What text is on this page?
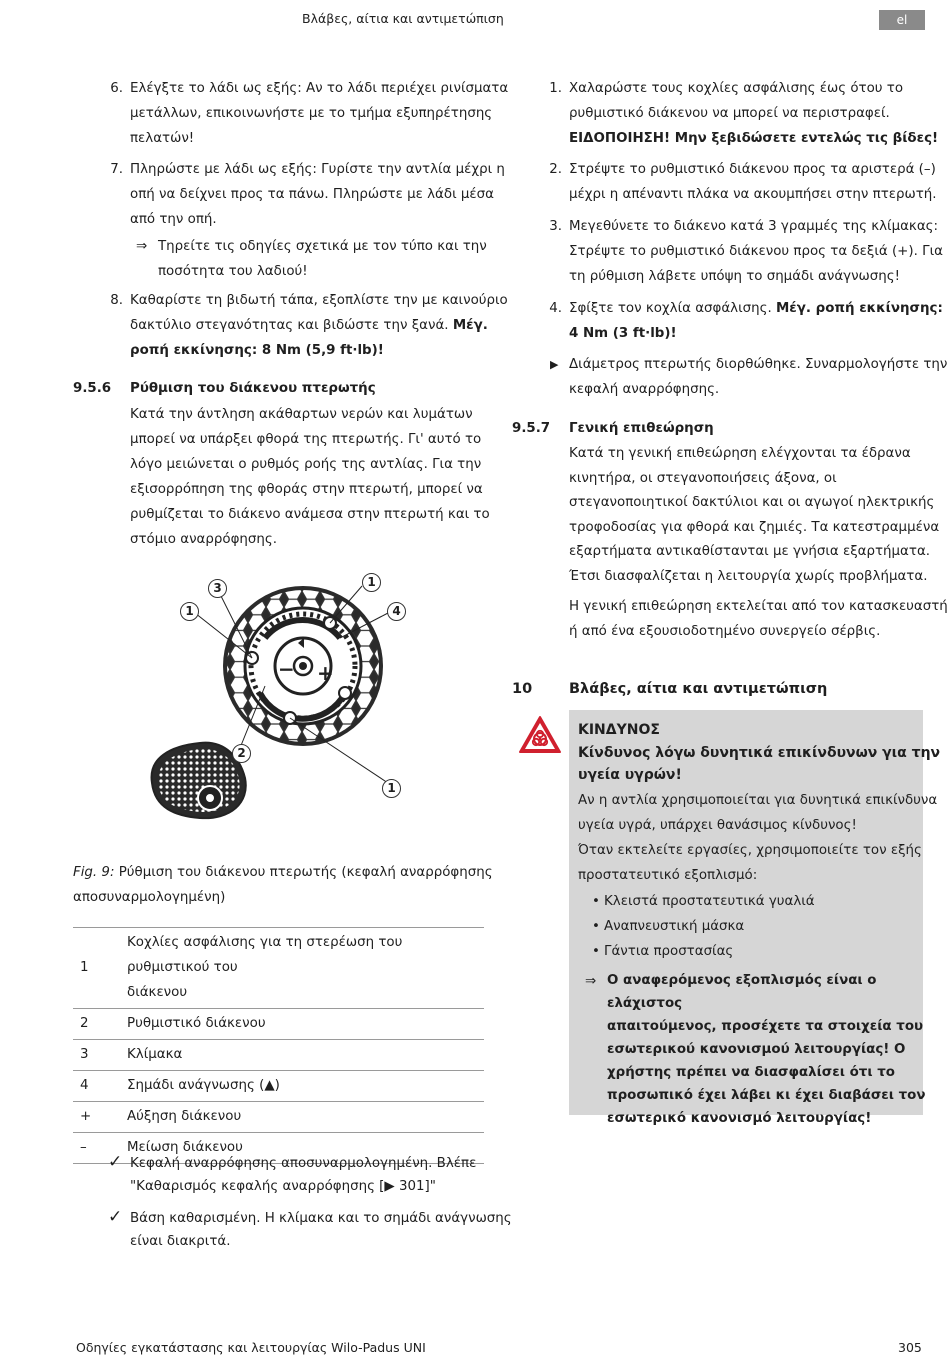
Βλάβες, αίτια και αντιμετώπιση	el
6. Ελέγξτε το λάδι ως εξής: Αν το λάδι περιέχει ρινίσματα
μετάλλων, επικοινωνήστε με το τμήμα εξυπηρέτησης
πελατών!
7. Πληρώστε με λάδι ως εξής: Γυρίστε την αντλία μέχρι η
οπή να δείχνει προς τα πάνω. Πληρώστε με λάδι μέσα
από την οπή.
⇒ Τηρείτε τις οδηγίες σχετικά με τον τύπο και την
ποσότητα του λαδιού!
8. Καθαρίστε τη βιδωτή τάπα, εξοπλίστε την με καινούριο
δακτύλιο στεγανότητας και βιδώστε την ξανά. Μέγ.
ροπή εκκίνησης: 8 Nm (5,9 ft·lb)!
9.5.6 Ρύθμιση του διάκενου πτερωτής
Κατά την άντληση ακάθαρτων νερών και λυμάτων
μπορεί να υπάρξει φθορά της πτερωτής. Γι' αυτό το
λόγο μειώνεται ο ρυθμός ροής της αντλίας. Για την
εξισορρόπηση της φθοράς στην πτερωτή, μπορεί να
ρυθμίζεται το διάκενο ανάμεσα στην πτερωτή και το
στόμιο αναρρόφησης.
− +
3
1
1
4
2
1
Fig. 9: Ρύθμιση του διάκενου πτερωτής (κεφαλή αναρρόφησης
αποσυναρμολογημένη)
1	Κοχλίες ασφάλισης για τη στερέωση του ρυθμιστικού του
διάκενου

2	Ρυθμιστικό διάκενου
3	Κλίμακα
4	Σημάδι ανάγνωσης (▲)
+	Αύξηση διάκενου
–	Μείωση διάκενου
✓ Κεφαλή αναρρόφησης αποσυναρμολογημένη. Βλέπε
"Καθαρισμός κεφαλής αναρρόφησης [▶ 301]"
✓ Βάση καθαρισμένη. Η κλίμακα και το σημάδι ανάγνωσης
είναι διακριτά.
1. Χαλαρώστε τους κοχλίες ασφάλισης έως ότου το
ρυθμιστικό διάκενου να μπορεί να περιστραφεί.
ΕΙΔΟΠΟΙΗΣΗ! Μην ξεβιδώσετε εντελώς τις βίδες!
2. Στρέψτε το ρυθμιστικό διάκενου προς τα αριστερά (–)
μέχρι η απέναντι πλάκα να ακουμπήσει στην πτερωτή.
3. Μεγεθύνετε το διάκενο κατά 3 γραμμές της κλίμακας:
Στρέψτε το ρυθμιστικό διάκενου προς τα δεξιά (+). Για
τη ρύθμιση λάβετε υπόψη το σημάδι ανάγνωσης!
4. Σφίξτε τον κοχλία ασφάλισης. Μέγ. ροπή εκκίνησης:
4 Nm (3 ft·lb)!
▶ Διάμετρος πτερωτής διορθώθηκε. Συναρμολογήστε την
κεφαλή αναρρόφησης.
9.5.7 Γενική επιθεώρηση
Κατά τη γενική επιθεώρηση ελέγχονται τα έδρανα
κινητήρα, οι στεγανοποιήσεις άξονα, οι
στεγανοποιητικοί δακτύλιοι και οι αγωγοί ηλεκτρικής
τροφοδοσίας για φθορά και ζημιές. Τα κατεστραμμένα
εξαρτήματα αντικαθίστανται με γνήσια εξαρτήματα.
Έτσι διασφαλίζεται η λειτουργία χωρίς προβλήματα.
Η γενική επιθεώρηση εκτελείται από τον κατασκευαστή
ή από ένα εξουσιοδοτημένο συνεργείο σέρβις.
10	Βλάβες, αίτια και αντιμετώπιση
ΚΙΝΔΥΝΟΣ
Κίνδυνος λόγω δυνητικά επικίνδυνων για την
υγεία υγρών!
Αν η αντλία χρησιμοποιείται για δυνητικά επικίνδυνα
υγεία υγρά, υπάρχει θανάσιμος κίνδυνος!
Όταν εκτελείτε εργασίες, χρησιμοποιείτε τον εξής
προστατευτικό εξοπλισμό:
• Κλειστά προστατευτικά γυαλιά
• Αναπνευστική μάσκα
• Γάντια προστασίας
⇒ Ο αναφερόμενος εξοπλισμός είναι ο ελάχιστος
απαιτούμενος, προσέχετε τα στοιχεία του
εσωτερικού κανονισμού λειτουργίας! Ο
χρήστης πρέπει να διασφαλίσει ότι το
προσωπικό έχει λάβει κι έχει διαβάσει τον
εσωτερικό κανονισμό λειτουργίας!
Οδηγίες εγκατάστασης και λειτουργίας Wilo-Padus UNI	305
